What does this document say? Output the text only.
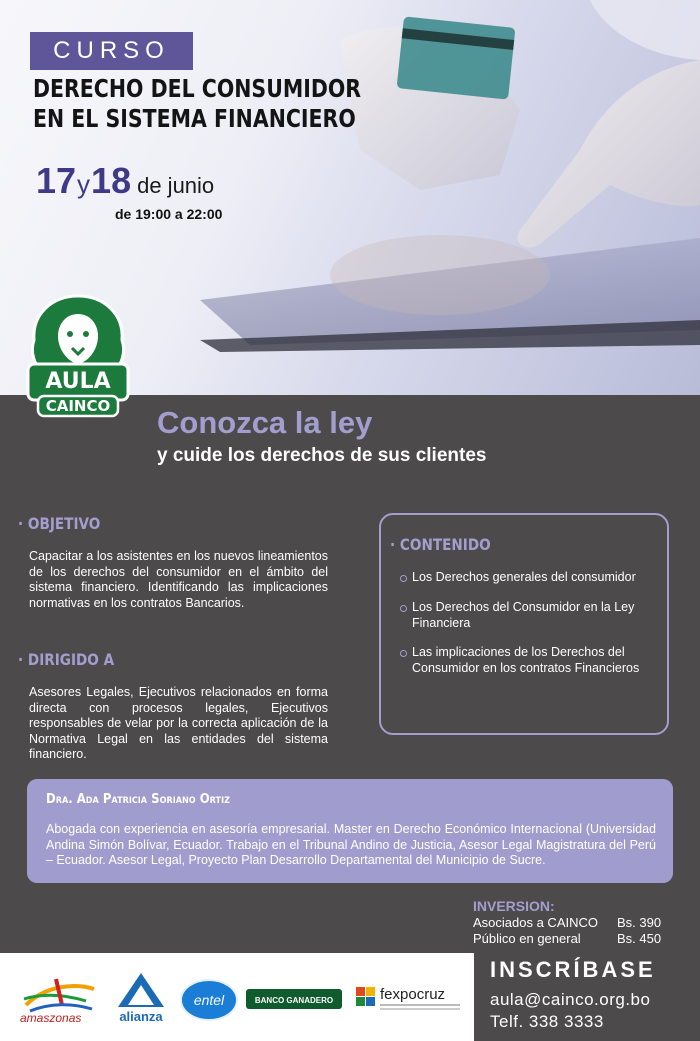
CURSO
DERECHO DEL CONSUMIDOR
EN EL SISTEMA FINANCIERO
17y18 de junio
de 19:00 a 22:00
AULA
CAINCO Conozca la ley
y cuide los derechos de sus clientes
· OBJETIVO
Capacitar a los asistentes en los nuevos lineamientos de los derechos del consumidor en el ámbito del sistema financiero. Identificando las implicaciones normativas en los contratos Bancarios.
· DIRIGIDO A
Asesores Legales, Ejecutivos relacionados en forma directa con procesos legales, Ejecutivos responsables de velar por la correcta aplicación de la Normativa Legal en las entidades del sistema financiero.
· CONTENIDO
Los Derechos generales del consumidor
Los Derechos del Consumidor en la Ley Financiera
Las implicaciones de los Derechos del Consumidor en los contratos Financieros
Dra. Ada Patricia Soriano Ortiz
Abogada con experiencia en asesoría empresarial. Master en Derecho Económico Internacional (Universidad Andina Simón Bolívar, Ecuador. Trabajo en el Tribunal Andino de Justicia, Asesor Legal Magistratura del Perú – Ecuador. Asesor Legal, Proyecto Plan Desarrollo Departamental del Municipio de Sucre.
INVERSION:
Asociados a CAINCO Bs. 390
Público en general	Bs. 450
amaszonas	alianza
entel	BANCO GANADERO	fexpocruz
INSCRÍBASE
aula@cainco.org.bo
Telf. 338 3333
